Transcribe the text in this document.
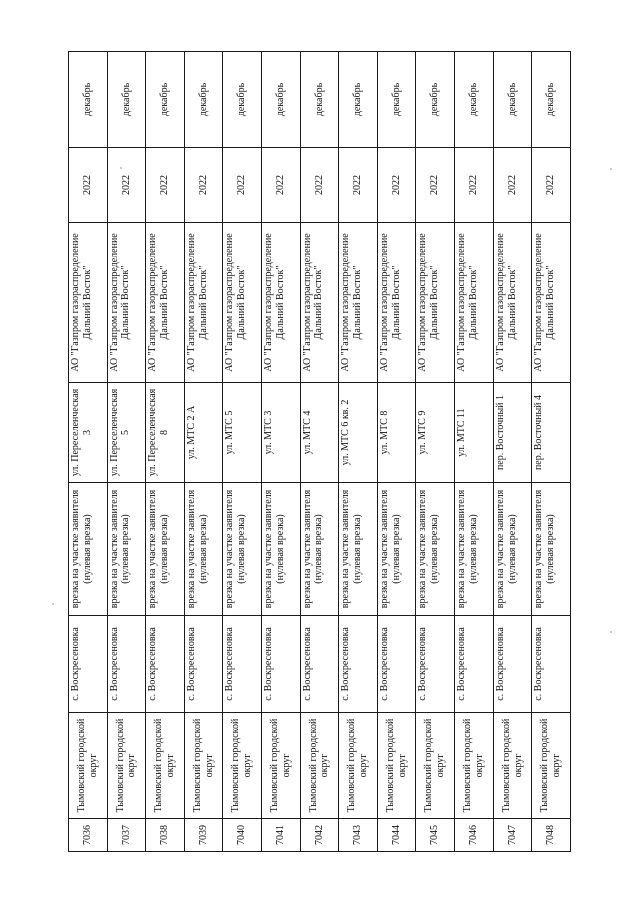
7036	Тымовский городской округ	с. Воскресеновка	врезка на участке заявителя
(нулевая врезка)	ул. Переселенческая 3	АО "Газпром газораспределение
Дальний Восток"	2022	декабрь
7037	Тымовский городской округ	с. Воскресеновка	врезка на участке заявителя
(нулевая врезка)	ул. Переселенческая 5	АО "Газпром газораспределение
Дальний Восток"	2022	декабрь
7038	Тымовский городской округ	с. Воскресеновка	врезка на участке заявителя
(нулевая врезка)	ул. Переселенческая 8	АО "Газпром газораспределение
Дальний Восток"	2022	декабрь
7039	Тымовский городской округ	с. Воскресеновка	врезка на участке заявителя
(нулевая врезка)	ул. МТС 2 А	АО "Газпром газораспределение
Дальний Восток"	2022	декабрь
7040	Тымовский городской округ	с. Воскресеновка	врезка на участке заявителя
(нулевая врезка)	ул. МТС 5	АО "Газпром газораспределение
Дальний Восток"	2022	декабрь
7041	Тымовский городской округ	с. Воскресеновка	врезка на участке заявителя
(нулевая врезка)	ул. МТС 3	АО "Газпром газораспределение
Дальний Восток"	2022	декабрь
7042	Тымовский городской округ	с. Воскресеновка	врезка на участке заявителя
(нулевая врезка)	ул. МТС 4	АО "Газпром газораспределение
Дальний Восток"	2022	декабрь
7043	Тымовский городской округ	с. Воскресеновка	врезка на участке заявителя
(нулевая врезка)	ул. МТС 6 кв. 2	АО "Газпром газораспределение
Дальний Восток"	2022	декабрь
7044	Тымовский городской округ	с. Воскресеновка	врезка на участке заявителя
(нулевая врезка)	ул. МТС 8	АО "Газпром газораспределение
Дальний Восток"	2022	декабрь
7045	Тымовский городской округ	с. Воскресеновка	врезка на участке заявителя
(нулевая врезка)	ул. МТС 9	АО "Газпром газораспределение
Дальний Восток"	2022	декабрь
7046	Тымовский городской округ	с. Воскресеновка	врезка на участке заявителя
(нулевая врезка)	ул. МТС 11	АО "Газпром газораспределение
Дальний Восток"	2022	декабрь
7047	Тымовский городской округ	с. Воскресеновка	врезка на участке заявителя
(нулевая врезка)	пер. Восточный 1	АО "Газпром газораспределение
Дальний Восток"	2022	декабрь
7048	Тымовский городской округ	с. Воскресеновка	врезка на участке заявителя
(нулевая врезка)	пер. Восточный 4	АО "Газпром газораспределение
Дальний Восток"	2022	декабрь
